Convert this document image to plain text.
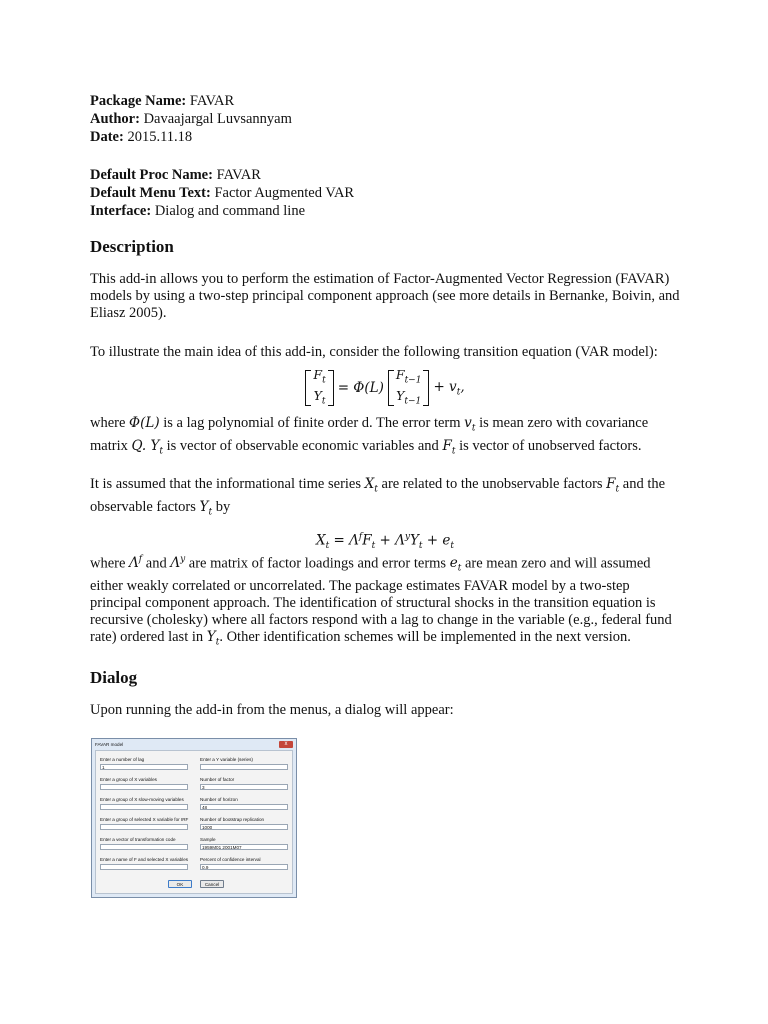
Package Name: FAVAR
Author: Davaajargal Luvsannyam
Date: 2015.11.18
Default Proc Name: FAVAR
Default Menu Text: Factor Augmented VAR
Interface: Dialog and command line
Description

This add-in allows you to perform the estimation of Factor-Augmented Vector Regression (FAVAR) models by using a two-step principal component approach (see more details in Bernanke, Boivin, and Eliasz 2005).

To illustrate the main idea of this add-in, consider the following transition equation (VAR model):

$F_t$
$Y_t$
= Φ(L)
$F_{t-1}$
$Y_{t-1}$
+ $v_t$,

where Φ(L) is a lag polynomial of finite order d. The error term $v_t$ is mean zero with covariance matrix Q. $Y_t$ is vector of observable economic variables and $F_t$ is vector of unobserved factors.

It is assumed that the informational time series $X_t$ are related to the unobservable factors $F_t$ and the observable factors $Y_t$ by

$X_t = \Lambda^fF_t + \Lambda^yY_t + e_t$

where $\Lambda^f$ and $\Lambda^y$ are matrix of factor loadings and error terms $e_t$ are mean zero and will assumed either weakly correlated or uncorrelated. The package estimates FAVAR model by a two-step principal component approach. The identification of structural shocks in the transition equation is recursive (cholesky) where all factors respond with a lag to change in the variable (e.g., federal fund rate) ordered last in $Y_t$. Other identification schemes will be implemented in the next version.

Dialog

Upon running the add-in from the menus, a dialog will appear:

FAVAR model	x
Enter a number of lag
1
Enter a group of X variables
Enter a group of X slow-moving variables
Enter a group of selected X variable for IRF
Enter a vector of transformation code
Enter a name of F and selected X variables
Enter a Y variable (series)
Number of factor
3
Number of horizon
48
Number of bootstrap replication
1000
Sample
1959M01 2001M07
Percent of confidence interval
0.9
OK	Cancel
